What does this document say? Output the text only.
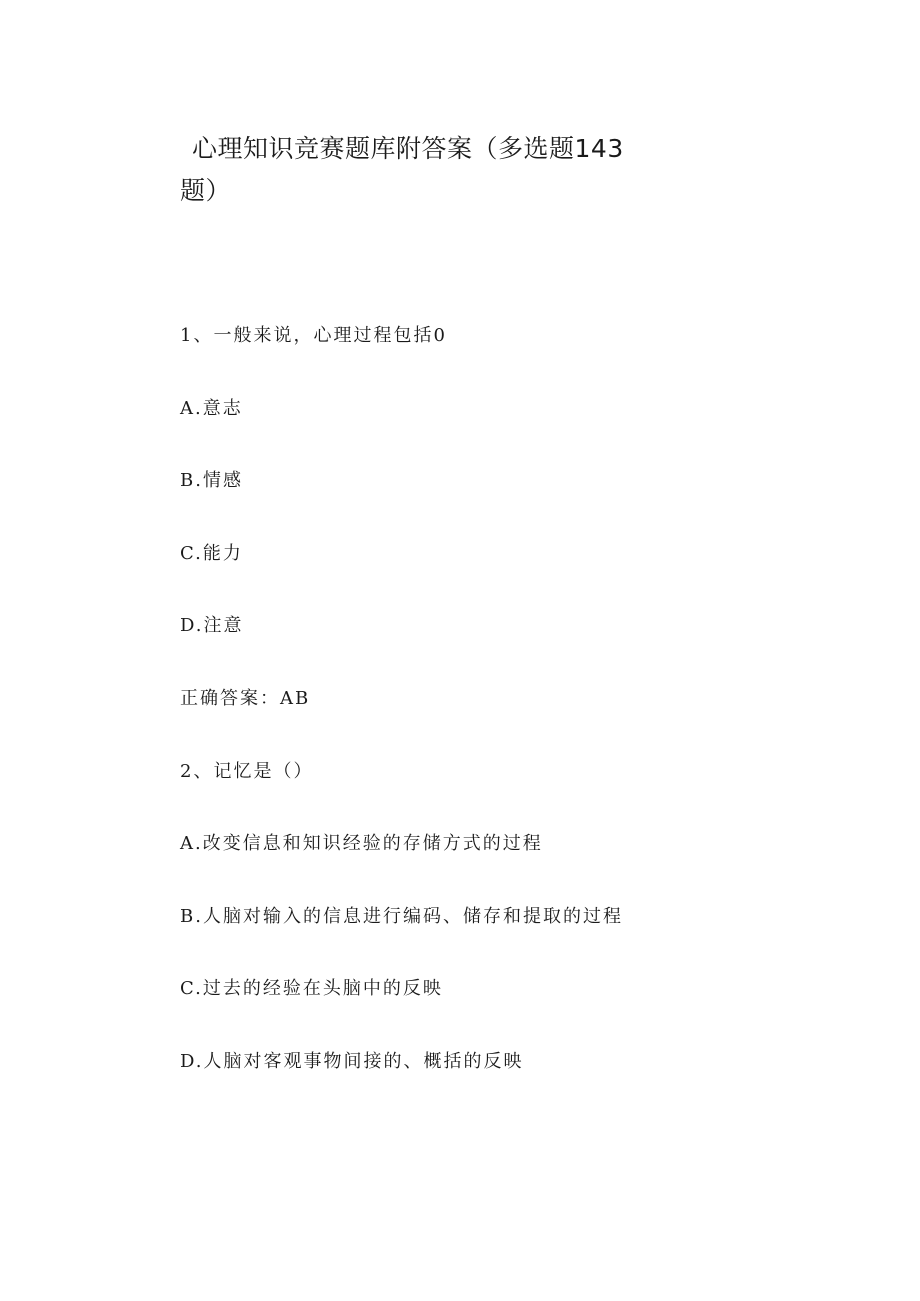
心理知识竞赛题库附答案（多选题143
题）
1、一般来说，心理过程包括0
A.意志
B.情感
C.能力
D.注意
正确答案：AB
2、记忆是（）
A.改变信息和知识经验的存储方式的过程
B.人脑对输入的信息进行编码、储存和提取的过程
C.过去的经验在头脑中的反映
D.人脑对客观事物间接的、概括的反映
